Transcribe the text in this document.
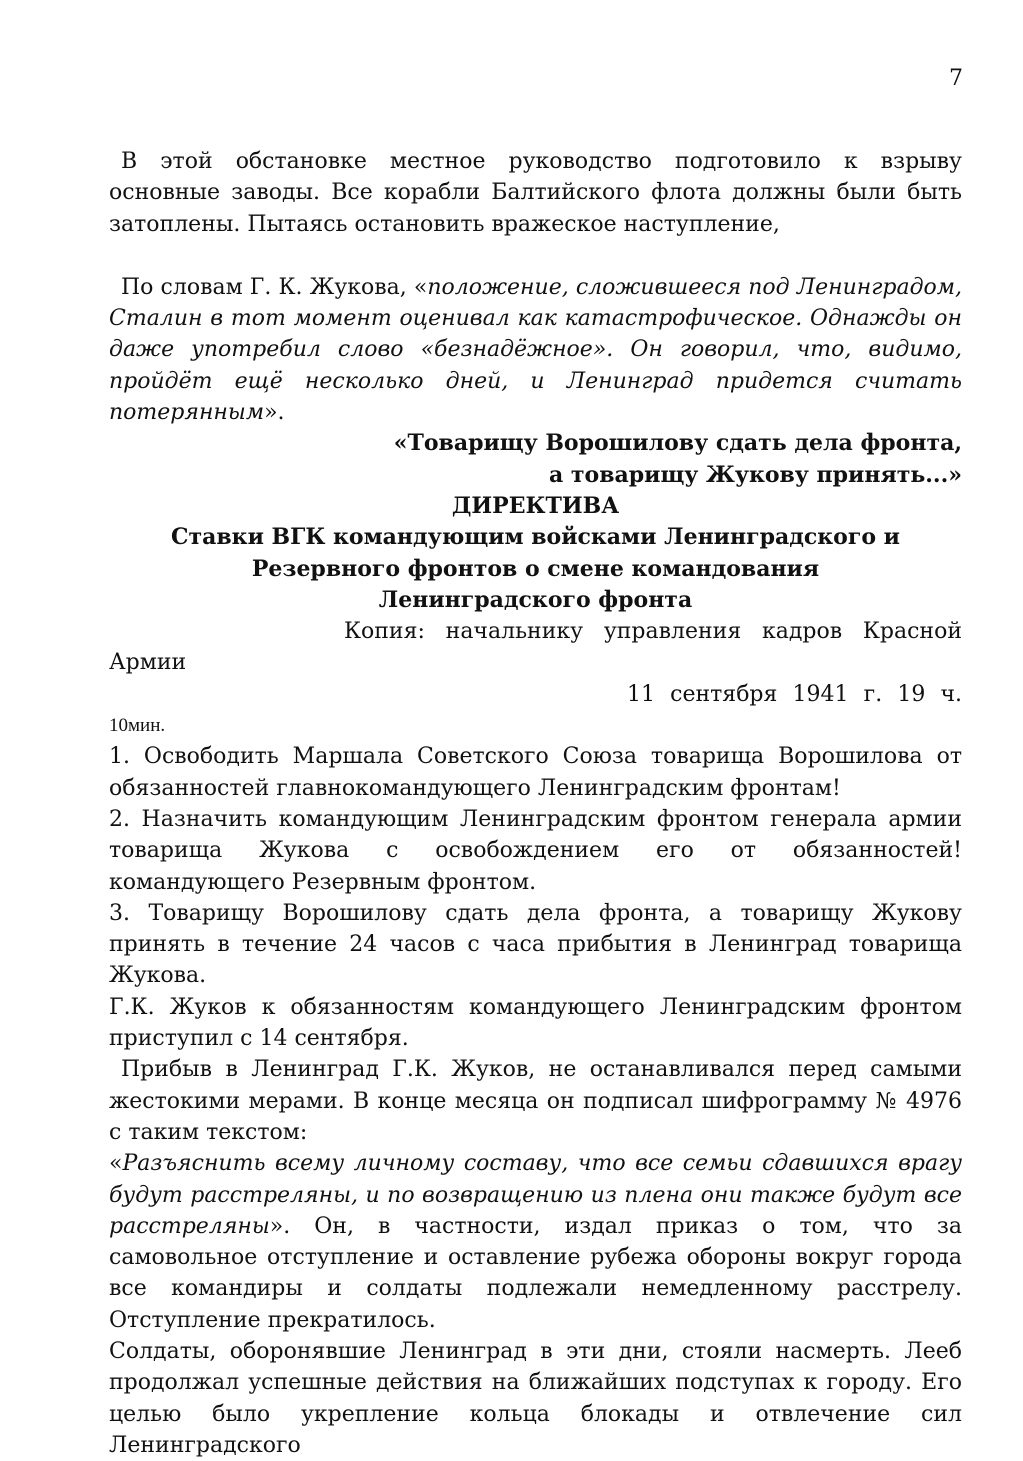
7

В этой обстановке местное руководство подготовило к взрыву основные заводы. Все корабли Балтийского флота должны были быть затоплены. Пытаясь остановить вражеское наступление,

По словам Г. К. Жукова, «положение, сложившееся под Ленинградом, Сталин в тот момент оценивал как катастрофическое. Однажды он даже употребил слово «безнадёжное». Он говорил, что, видимо, пройдёт ещё несколько дней, и Ленинград придется считать потерянным».

«Товарищу Ворошилову сдать дела фронта,

а товарищу Жукову принять...»

ДИРЕКТИВА

Ставки ВГК командующим войсками Ленинградского и

Резервного фронтов о смене командования

Ленинградского фронта

Копия: начальнику управления кадров Красной

Армии

11 сентября 1941 г. 19 ч.

10мин.

1. Освободить Маршала Советского Союза товарища Ворошилова от обязанностей главнокомандующего Ленинградским фронтам!

2. Назначить командующим Ленинградским фронтом генерала армии товарища Жукова с освобождением его от обязанностей! командующего Резервным фронтом.

3. Товарищу Ворошилову сдать дела фронта, а товарищу Жукову принять в течение 24 часов с часа прибытия в Ленинград товарища Жукова.

Г.К. Жуков к обязанностям командующего Ленинградским фронтом приступил с 14 сентября.

Прибыв в Ленинград Г.К. Жуков, не останавливался перед самыми жестокими мерами. В конце месяца он подписал шифрограмму № 4976 с таким текстом:

«Разъяснить всему личному составу, что все семьи сдавшихся врагу будут расстреляны, и по возвращению из плена они также будут все расстреляны». Он, в частности, издал приказ о том, что за самовольное отступление и оставление рубежа обороны вокруг города все командиры и солдаты подлежали немедленному расстрелу. Отступление прекратилось.

Солдаты, оборонявшие Ленинград в эти дни, стояли насмерть. Лееб продолжал успешные действия на ближайших подступах к городу. Его целью было укрепление кольца блокады и отвлечение сил Ленинградского
